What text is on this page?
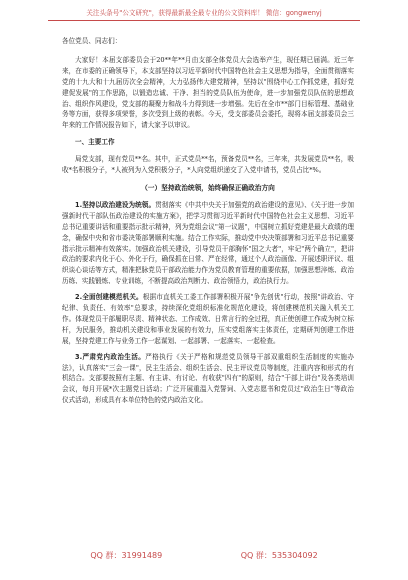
关注头条号"公文研究"，获得最新最全最专业的公文资料库！ 微信：gongwenyj

各位党员、同志们：

大家好！本届支部委员会于20**年**月由支部全体党员大会选举产生，现任期已届满。近三年来，在市委的正确领导下，本支部坚持以习近平新时代中国特色社会主义思想为指导，全面贯彻落实党的十九大和十九届历次全会精神，大力弘扬伟大建党精神，坚持以"围绕中心工作抓党建，抓好党建促发展"的工作思路，以锻造忠诚、干净、担当的党员队伍为使命，进一步加强党员队伍的思想政治、组织作风建设，党支部的凝聚力和战斗力得到进一步增强。先后在全市**部门目标管理、基础业务等方面，获得多项荣誉，多次受到上级的表彰。今天，受支部委员会委托，现将本届支部委员会三年来的工作情况报告如下，请大家予以审议。

一、主要工作

局党支部，现有党员**名。其中，正式党员**名，预备党员**名，三年来，共发展党员**名，吸收*名积极分子，*人被列为入党积极分子，*人向党组织递交了入党申请书，党员占比*%。

（一）坚持政治统领，始终确保正确政治方向

1.坚持以政治建设为统领。贯彻落实《中共中央关于加强党的政治建设的意见》、《关于进一步加强新时代干部队伍政治建设的实施方案》，把学习贯彻习近平新时代中国特色社会主义思想、习近平总书记重要讲话和重要指示批示精神，列为党组会议"第一议题"，中国树立抓好党建是最大政绩的理念，确保中央和省市委决策部署顺利实施。结合工作实际，推动党中央决策部署和习近平总书记重要指示批示精神有效落实。加强政治机关建设，引导党员干部胸怀"国之大者"，牢记"两个确立"，把讲政治的要求内化于心、外化于行，确保抓在日常、严在经常，通过个人政治画像、开展述职评议、组织谈心谈话等方式，精准把脉党员干部政治能力作为党员教育管理的重要依据，加强思想淬炼、政治历练、实践锻炼、专业训练，不断提高政治判断力、政治领悟力，政治执行力。

2.全面创建模范机关。根据市直机关工委工作部署积极开展"争先创优"行动，按照"讲政治、守纪律、负责任、有效率"总要求，持续深化党组织标准化规范化建设，将创建模范机关融入机关工作。体现党员干部履职尽责、精神状态、工作成效、日常言行的全过程，真正使创建工作成为树立标杆，为民服务，推动机关建设和事业发展的有效力，压实党组落实主体责任，定期研判创建工作进展，坚持党建工作与业务工作一起谋划、一起部署、一起落实、一起检查。

3.严肃党内政治生活。严格执行《关于严格和规范党员领导干部双重组织生活制度的实施办法》，认真落实"三会一课"，民主生活会、组织生活会、民主评议党员等制度，注重内容和形式的有机结合。支部要按照有主题、有主讲、有讨论、有收获"四有"的原则，结合"干部上讲台"及各类培训会议，每月开展*次主题党日活动；广泛开展重温入党誓词、入党志愿书和党员过"政治生日"等政治仪式活动，形成具有本单位特色的党内政治文化。

QQ 群：31991489	QQ 群：535304092
